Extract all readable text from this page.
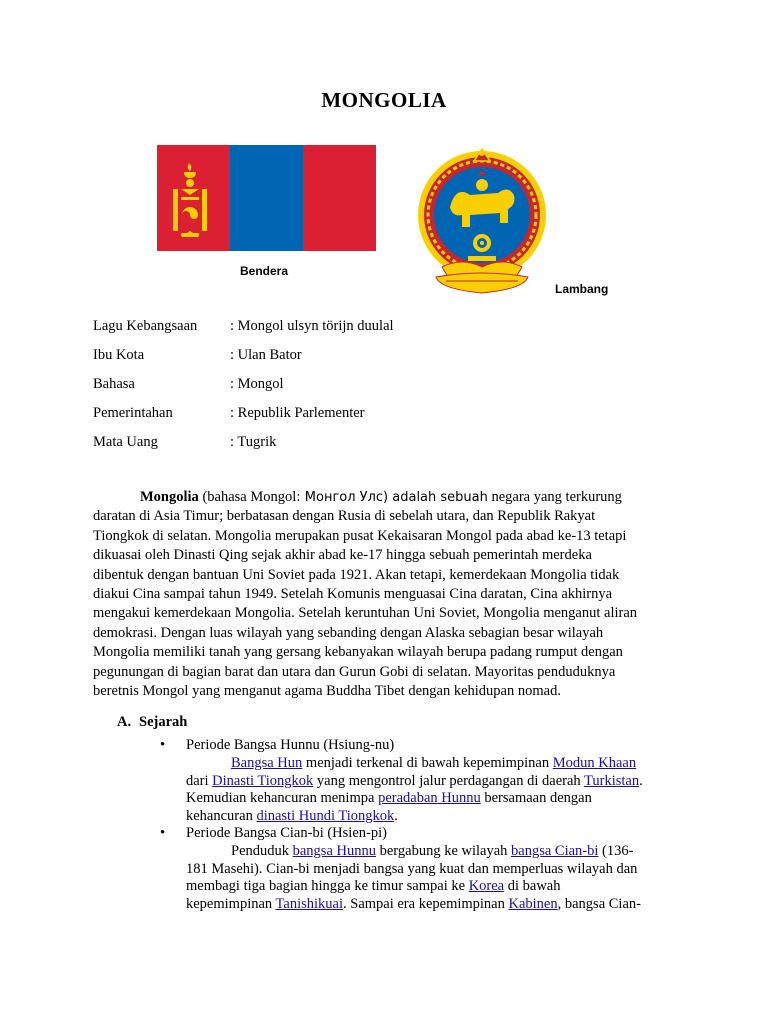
MONGOLIA
Bendera
Lambang
Lagu Kebangsaan	: Mongol ulsyn törijn duulal
Ibu Kota	: Ulan Bator
Bahasa	: Mongol
Pemerintahan	: Republik Parlementer
Mata Uang	: Tugrik
Mongolia (bahasa Mongol: Монгол Улс) adalah sebuah negara yang terkurung
daratan di Asia Timur; berbatasan dengan Rusia di sebelah utara, dan Republik Rakyat
Tiongkok di selatan. Mongolia merupakan pusat Kekaisaran Mongol pada abad ke-13 tetapi
dikuasai oleh Dinasti Qing sejak akhir abad ke-17 hingga sebuah pemerintah merdeka
dibentuk dengan bantuan Uni Soviet pada 1921. Akan tetapi, kemerdekaan Mongolia tidak
diakui Cina sampai tahun 1949. Setelah Komunis menguasai Cina daratan, Cina akhirnya
mengakui kemerdekaan Mongolia. Setelah keruntuhan Uni Soviet, Mongolia menganut aliran
demokrasi. Dengan luas wilayah yang sebanding dengan Alaska sebagian besar wilayah
Mongolia memiliki tanah yang gersang kebanyakan wilayah berupa padang rumput dengan
pegunungan di bagian barat dan utara dan Gurun Gobi di selatan. Mayoritas penduduknya
beretnis Mongol yang menganut agama Buddha Tibet dengan kehidupan nomad.
A. Sejarah
• Periode Bangsa Hunnu (Hsiung-nu)
Bangsa Hun menjadi terkenal di bawah kepemimpinan Modun Khaan
dari Dinasti Tiongkok yang mengontrol jalur perdagangan di daerah Turkistan.
Kemudian kehancuran menimpa peradaban Hunnu bersamaan dengan
kehancuran dinasti Hundi Tiongkok.
• Periode Bangsa Cian-bi (Hsien-pi)
Penduduk bangsa Hunnu bergabung ke wilayah bangsa Cian-bi (136-
181 Masehi). Cian-bi menjadi bangsa yang kuat dan memperluas wilayah dan
membagi tiga bagian hingga ke timur sampai ke Korea di bawah
kepemimpinan Tanishikuai. Sampai era kepemimpinan Kabinen, bangsa Cian-
